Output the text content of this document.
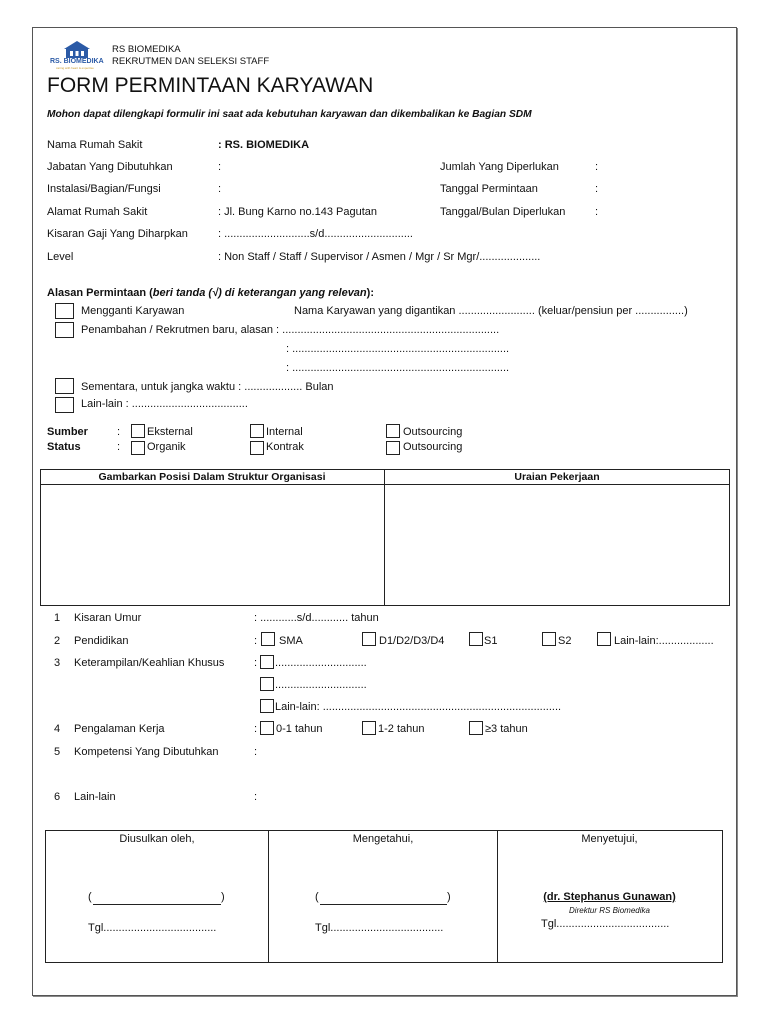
RS. BIOMEDIKA
caring with heart & expertise
RS BIOMEDIKA
REKRUTMEN DAN SELEKSI STAFF
FORM PERMINTAAN KARYAWAN
Mohon dapat dilengkapi formulir ini saat ada kebutuhan karyawan dan dikembalikan ke Bagian SDM
Nama Rumah Sakit	: RS. BIOMEDIKA
Jabatan Yang Dibutuhkan	:	Jumlah Yang Diperlukan	:
Instalasi/Bagian/Fungsi	:	Tanggal Permintaan	:
Alamat Rumah Sakit	: Jl. Bung Karno no.143 Pagutan	Tanggal/Bulan Diperlukan	:
Kisaran Gaji Yang Diharpkan	: ............................s/d.............................
Level	: Non Staff / Staff / Supervisor / Asmen / Mgr / Sr Mgr/....................
Alasan Permintaan (beri tanda (√) di keterangan yang relevan):
Mengganti Karyawan	Nama Karyawan yang digantikan ......................... (keluar/pensiun per ................)
Penambahan / Rekrutmen baru, alasan : .......................................................................
: .......................................................................
: .......................................................................
Sementara, untuk jangka waktu : ................... Bulan
Lain-lain : ......................................
Sumber	: Eksternal	Internal	Outsourcing
Status	: Organik	Kontrak	Outsourcing
Gambarkan Posisi Dalam Struktur Organisasi	Uraian Pekerjaan
1 Kisaran Umur	: ............s/d............ tahun
2 Pendidikan	: SMA	D1/D2/D3/D4	S1	S2	Lain-lain:..................
3 Keterampilan/Keahlian Khusus	: ..............................
..............................
Lain-lain: ..............................................................................
4 Pengalaman Kerja	: 0-1 tahun	1-2 tahun	≥3 tahun
5 Kompetensi Yang Dibutuhkan	:
6 Lain-lain	:
Diusulkan oleh,	Mengetahui,	Menyetujui,
(	)
Tgl.....................................
(	)
Tgl.....................................
(dr. Stephanus Gunawan)
Direktur RS Biomedika
Tgl.....................................
